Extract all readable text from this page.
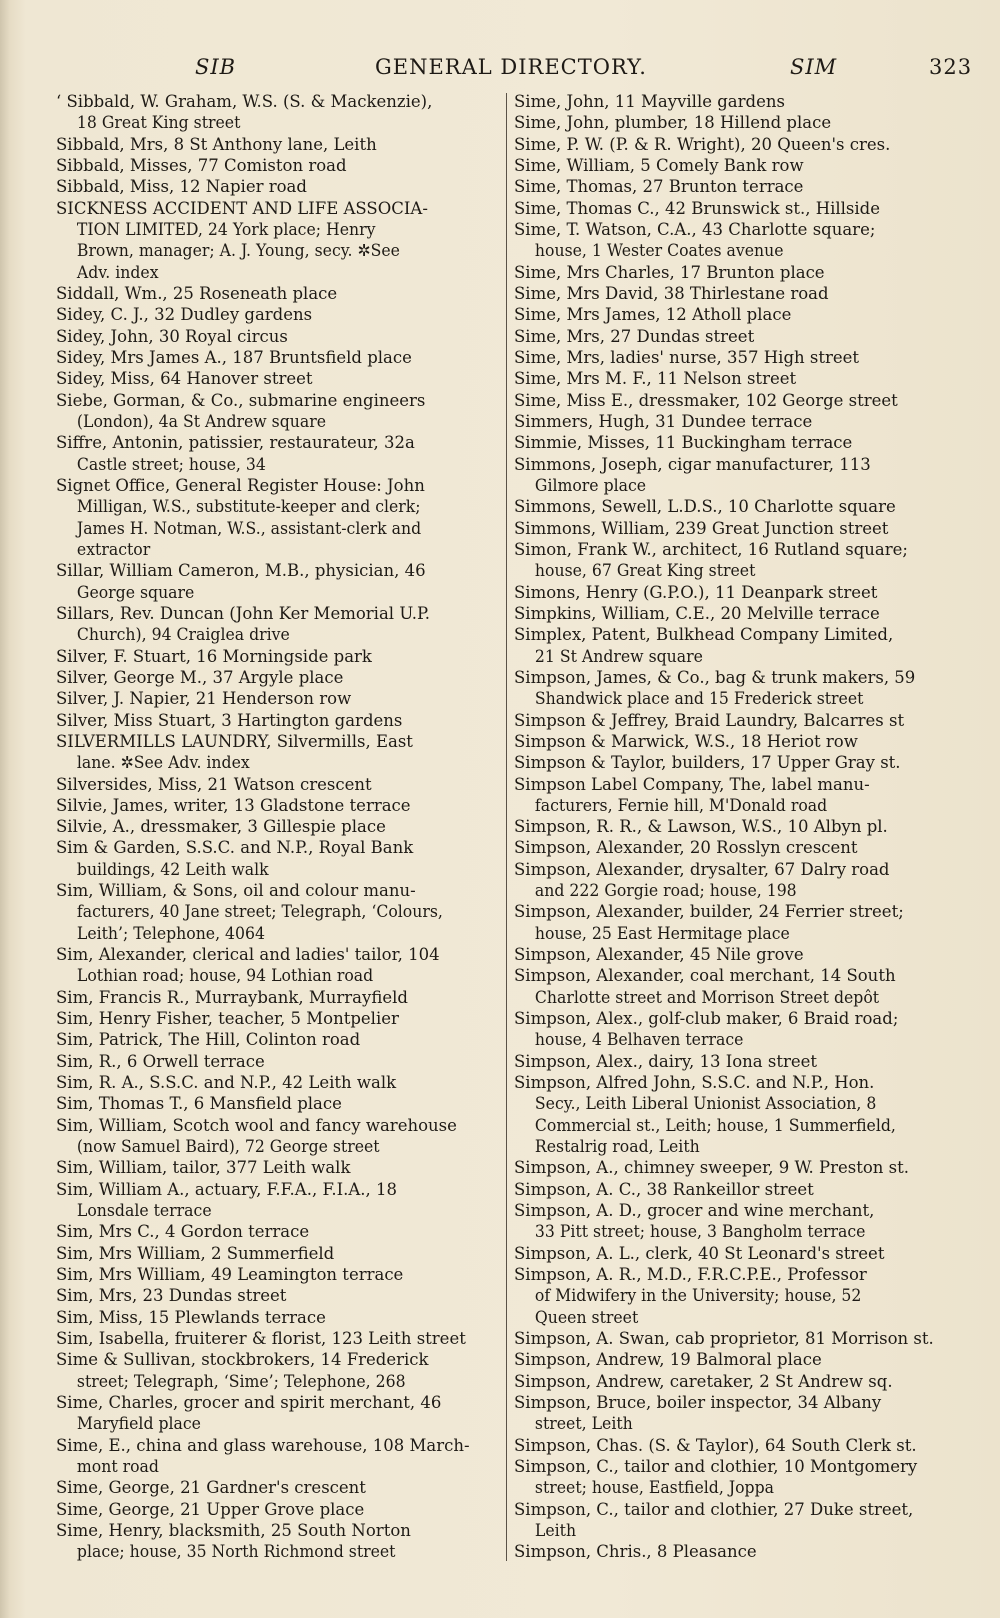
SIB	GENERAL DIRECTORY.	SIM	323
‘ Sibbald, W. Graham, W.S. (S. & Mackenzie),
18 Great King street
Sibbald, Mrs, 8 St Anthony lane, Leith
Sibbald, Misses, 77 Comiston road
Sibbald, Miss, 12 Napier road
SICKNESS ACCIDENT AND LIFE ASSOCIA-
TION LIMITED, 24 York place; Henry
Brown, manager; A. J. Young, secy. ✲See
Adv. index
Siddall, Wm., 25 Roseneath place
Sidey, C. J., 32 Dudley gardens
Sidey, John, 30 Royal circus
Sidey, Mrs James A., 187 Bruntsfield place
Sidey, Miss, 64 Hanover street
Siebe, Gorman, & Co., submarine engineers
(London), 4a St Andrew square
Siffre, Antonin, patissier, restaurateur, 32a
Castle street; house, 34
Signet Office, General Register House: John
Milligan, W.S., substitute-keeper and clerk;
James H. Notman, W.S., assistant-clerk and
extractor
Sillar, William Cameron, M.B., physician, 46
George square
Sillars, Rev. Duncan (John Ker Memorial U.P.
Church), 94 Craiglea drive
Silver, F. Stuart, 16 Morningside park
Silver, George M., 37 Argyle place
Silver, J. Napier, 21 Henderson row
Silver, Miss Stuart, 3 Hartington gardens
SILVERMILLS LAUNDRY, Silvermills, East
lane. ✲See Adv. index
Silversides, Miss, 21 Watson crescent
Silvie, James, writer, 13 Gladstone terrace
Silvie, A., dressmaker, 3 Gillespie place
Sim & Garden, S.S.C. and N.P., Royal Bank
buildings, 42 Leith walk
Sim, William, & Sons, oil and colour manu-
facturers, 40 Jane street; Telegraph, ‘Colours,
Leith’; Telephone, 4064
Sim, Alexander, clerical and ladies' tailor, 104
Lothian road; house, 94 Lothian road
Sim, Francis R., Murraybank, Murrayfield
Sim, Henry Fisher, teacher, 5 Montpelier
Sim, Patrick, The Hill, Colinton road
Sim, R., 6 Orwell terrace
Sim, R. A., S.S.C. and N.P., 42 Leith walk
Sim, Thomas T., 6 Mansfield place
Sim, William, Scotch wool and fancy warehouse
(now Samuel Baird), 72 George street
Sim, William, tailor, 377 Leith walk
Sim, William A., actuary, F.F.A., F.I.A., 18
Lonsdale terrace
Sim, Mrs C., 4 Gordon terrace
Sim, Mrs William, 2 Summerfield
Sim, Mrs William, 49 Leamington terrace
Sim, Mrs, 23 Dundas street
Sim, Miss, 15 Plewlands terrace
Sim, Isabella, fruiterer & florist, 123 Leith street
Sime & Sullivan, stockbrokers, 14 Frederick
street; Telegraph, ‘Sime’; Telephone, 268
Sime, Charles, grocer and spirit merchant, 46
Maryfield place
Sime, E., china and glass warehouse, 108 March-
mont road
Sime, George, 21 Gardner's crescent
Sime, George, 21 Upper Grove place
Sime, Henry, blacksmith, 25 South Norton
place; house, 35 North Richmond street
Sime, John, 11 Mayville gardens
Sime, John, plumber, 18 Hillend place
Sime, P. W. (P. & R. Wright), 20 Queen's cres.
Sime, William, 5 Comely Bank row
Sime, Thomas, 27 Brunton terrace
Sime, Thomas C., 42 Brunswick st., Hillside
Sime, T. Watson, C.A., 43 Charlotte square;
house, 1 Wester Coates avenue
Sime, Mrs Charles, 17 Brunton place
Sime, Mrs David, 38 Thirlestane road
Sime, Mrs James, 12 Atholl place
Sime, Mrs, 27 Dundas street
Sime, Mrs, ladies' nurse, 357 High street
Sime, Mrs M. F., 11 Nelson street
Sime, Miss E., dressmaker, 102 George street
Simmers, Hugh, 31 Dundee terrace
Simmie, Misses, 11 Buckingham terrace
Simmons, Joseph, cigar manufacturer, 113
Gilmore place
Simmons, Sewell, L.D.S., 10 Charlotte square
Simmons, William, 239 Great Junction street
Simon, Frank W., architect, 16 Rutland square;
house, 67 Great King street
Simons, Henry (G.P.O.), 11 Deanpark street
Simpkins, William, C.E., 20 Melville terrace
Simplex, Patent, Bulkhead Company Limited,
21 St Andrew square
Simpson, James, & Co., bag & trunk makers, 59
Shandwick place and 15 Frederick street
Simpson & Jeffrey, Braid Laundry, Balcarres st
Simpson & Marwick, W.S., 18 Heriot row
Simpson & Taylor, builders, 17 Upper Gray st.
Simpson Label Company, The, label manu-
facturers, Fernie hill, M'Donald road
Simpson, R. R., & Lawson, W.S., 10 Albyn pl.
Simpson, Alexander, 20 Rosslyn crescent
Simpson, Alexander, drysalter, 67 Dalry road
and 222 Gorgie road; house, 198
Simpson, Alexander, builder, 24 Ferrier street;
house, 25 East Hermitage place
Simpson, Alexander, 45 Nile grove
Simpson, Alexander, coal merchant, 14 South
Charlotte street and Morrison Street depôt
Simpson, Alex., golf-club maker, 6 Braid road;
house, 4 Belhaven terrace
Simpson, Alex., dairy, 13 Iona street
Simpson, Alfred John, S.S.C. and N.P., Hon.
Secy., Leith Liberal Unionist Association, 8
Commercial st., Leith; house, 1 Summerfield,
Restalrig road, Leith
Simpson, A., chimney sweeper, 9 W. Preston st.
Simpson, A. C., 38 Rankeillor street
Simpson, A. D., grocer and wine merchant,
33 Pitt street; house, 3 Bangholm terrace
Simpson, A. L., clerk, 40 St Leonard's street
Simpson, A. R., M.D., F.R.C.P.E., Professor
of Midwifery in the University; house, 52
Queen street
Simpson, A. Swan, cab proprietor, 81 Morrison st.
Simpson, Andrew, 19 Balmoral place
Simpson, Andrew, caretaker, 2 St Andrew sq.
Simpson, Bruce, boiler inspector, 34 Albany
street, Leith
Simpson, Chas. (S. & Taylor), 64 South Clerk st.
Simpson, C., tailor and clothier, 10 Montgomery
street; house, Eastfield, Joppa
Simpson, C., tailor and clothier, 27 Duke street,
Leith
Simpson, Chris., 8 Pleasance
